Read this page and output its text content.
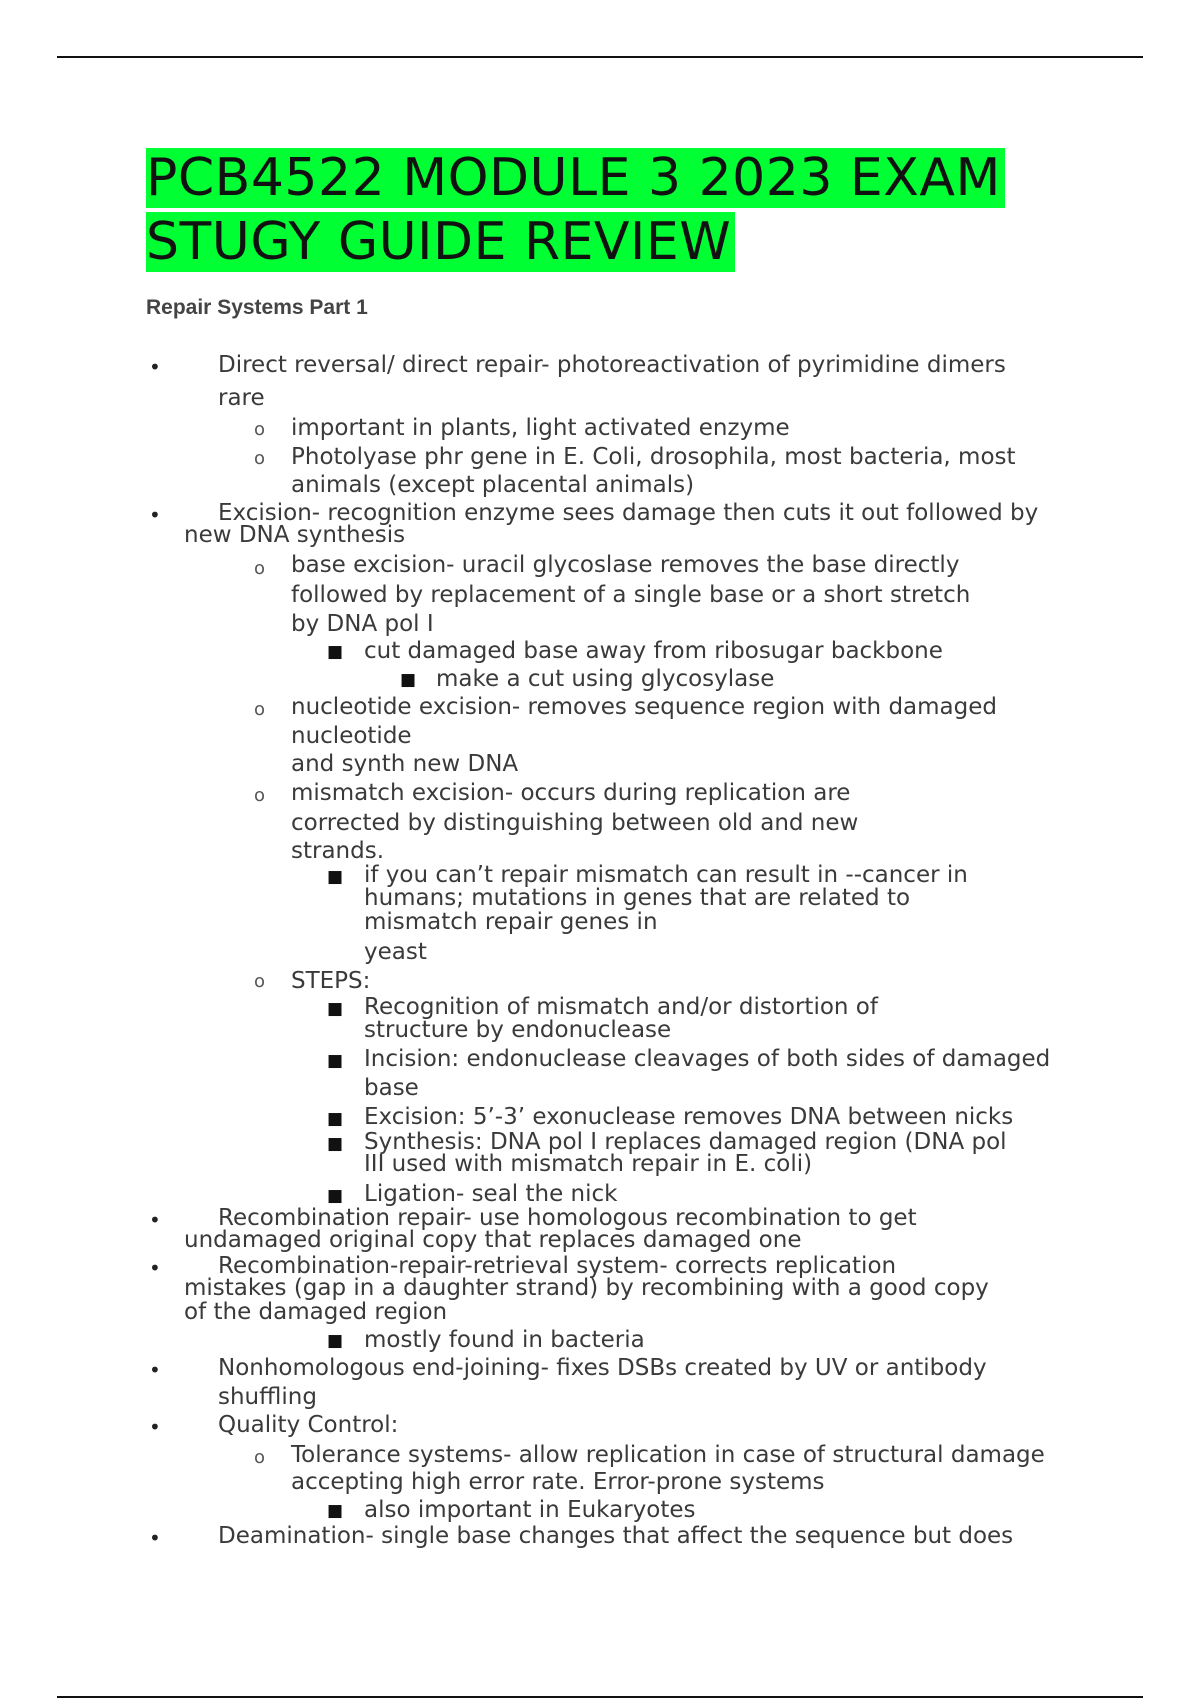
PCB4522 MODULE 3 2023 EXAM
STUGY GUIDE REVIEW
Repair Systems Part 1
• Direct reversal/ direct repair- photoreactivation of pyrimidine dimers
rare
o important in plants, light activated enzyme
o Photolyase phr gene in E. Coli, drosophila, most bacteria, most
animals (except placental animals)
• Excision- recognition enzyme sees damage then cuts it out followed by
new DNA synthesis
o base excision- uracil glycoslase removes the base directly
followed by replacement of a single base or a short stretch
by DNA pol I
■ cut damaged base away from ribosugar backbone
■ make a cut using glycosylase
o nucleotide excision- removes sequence region with damaged
nucleotide
and synth new DNA
o mismatch excision- occurs during replication are
corrected by distinguishing between old and new
strands.
■ if you can’t repair mismatch can result in --cancer in
humans; mutations in genes that are related to
mismatch repair genes in
yeast
o STEPS:
■ Recognition of mismatch and/or distortion of
structure by endonuclease
■ Incision: endonuclease cleavages of both sides of damaged
base
■ Excision: 5’-3’ exonuclease removes DNA between nicks
■ Synthesis: DNA pol I replaces damaged region (DNA pol
III used with mismatch repair in E. coli)
■ Ligation- seal the nick
• Recombination repair- use homologous recombination to get
undamaged original copy that replaces damaged one
• Recombination-repair-retrieval system- corrects replication
mistakes (gap in a daughter strand) by recombining with a good copy
of the damaged region
■ mostly found in bacteria
• Nonhomologous end-joining- fixes DSBs created by UV or antibody
shuffling
• Quality Control:
o Tolerance systems- allow replication in case of structural damage
accepting high error rate. Error-prone systems
■ also important in Eukaryotes
• Deamination- single base changes that affect the sequence but does
